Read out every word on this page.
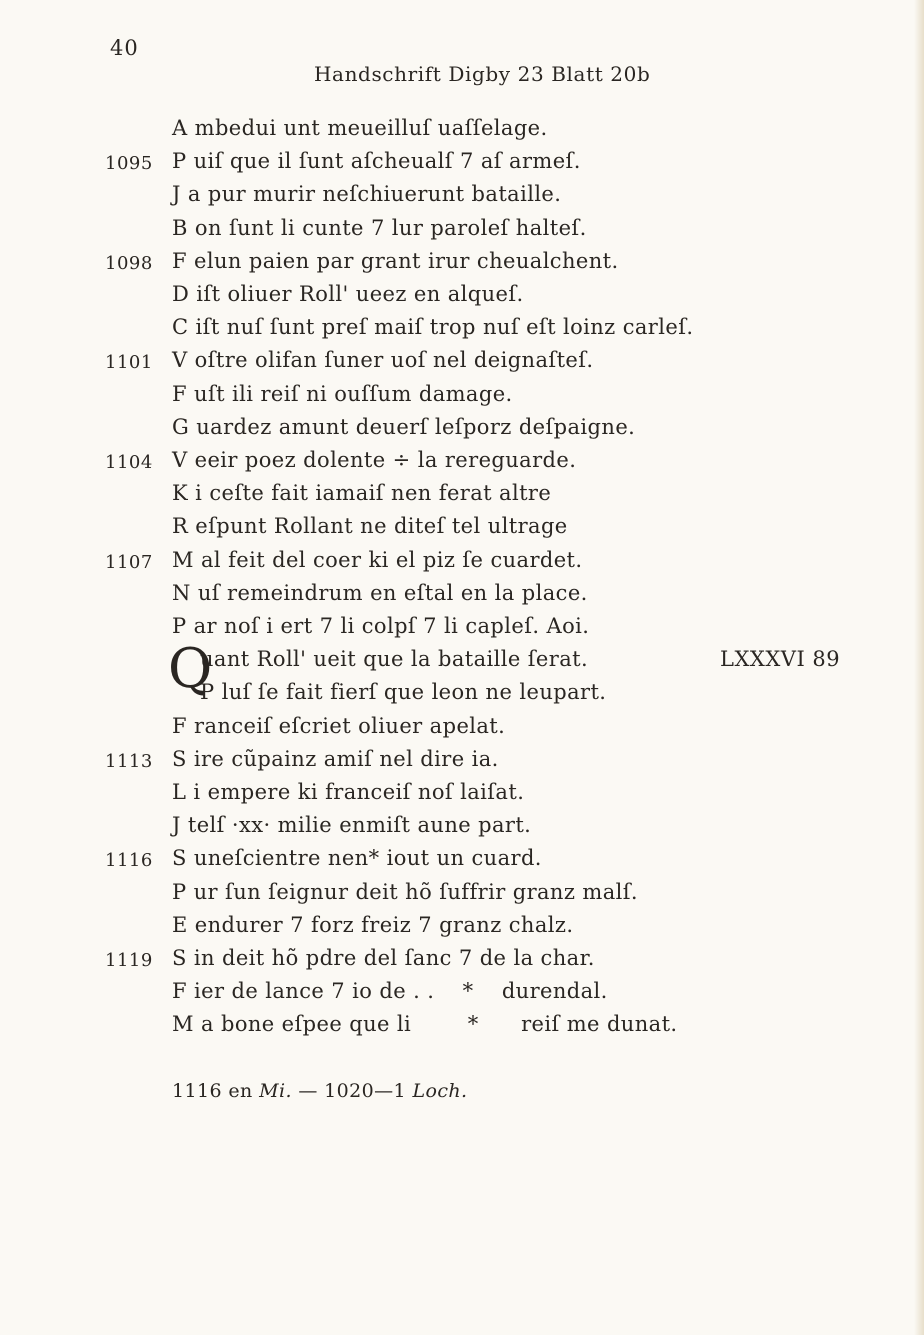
40
Handschrift Digby 23 Blatt 20b
A mbedui unt meueilluſ uaſſelage.
1095 P uiſ que il ſunt aſcheualſ 7 aſ armeſ.
J a pur murir neſchiuerunt bataille.
B on ſunt li cunte 7 lur paroleſ halteſ.
1098 F elun paien par grant irur cheualchent.
D iſt oliuer Roll' ueez en alqueſ.
C iſt nuſ ſunt preſ maiſ trop nuſ eſt loinz carleſ.
1101 V oſtre olifan ſuner uoſ nel deignaſteſ.
F uſt ili reiſ ni ouſſum damage.
G uardez amunt deuerſ leſporz deſpaigne.
1104 V eeir poez dolente ÷ la rereguarde.
K i ceſte fait iamaiſ nen ferat altre
R eſpunt Rollant ne diteſ tel ultrage
1107 M al feit del coer ki el piz ſe cuardet.
N uſ remeindrum en eſtal en la place.
P ar noſ i ert 7 li colpſ 7 li capleſ. Aoi.
uant Roll' ueit que la bataille ſerat.	LXXXVI 89
P luſ ſe fait fierſ que leon ne leupart.
F ranceiſ eſcriet oliuer apelat.
1113 S ire cũpainz amiſ nel dire ia.
L i empere ki franceiſ noſ laiſat.
J telſ ·xx· milie enmiſt aune part.
1116 S uneſcientre nen* iout un cuard.
P ur ſun ſeignur deit hõ ſuffrir granz malſ.
E endurer 7 forz freiz 7 granz chalz.
1119 S in deit hõ pdre del ſanc 7 de la char.
F ier de lance 7 io de . .    *    durendal.
M a bone eſpee que li        *      reiſ me dunat.
Q
1116 en Mi. — 1020—1 Loch.
